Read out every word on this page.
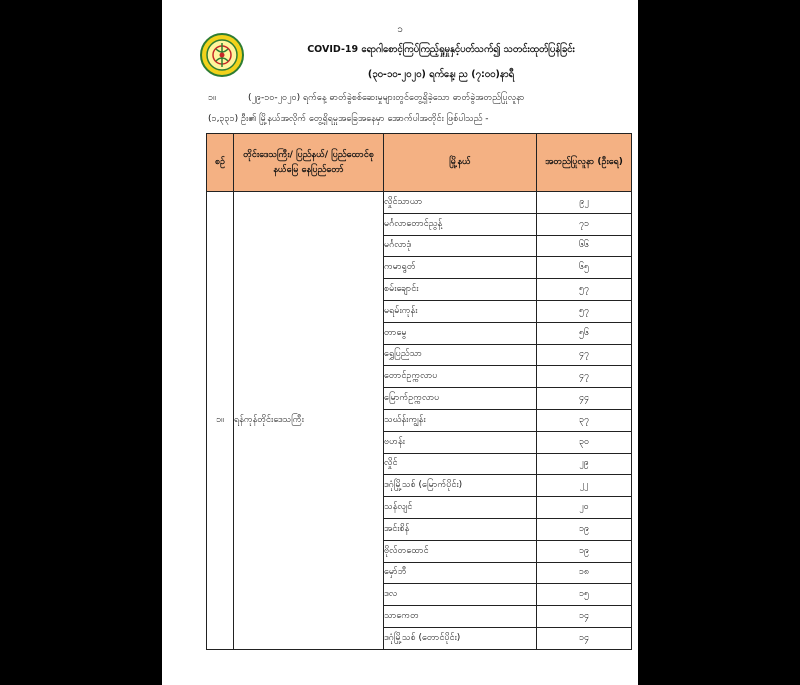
၁
COVID-19 ရောဂါစောင့်ကြပ်ကြည့်ရှုမှုနှင့်ပတ်သက်၍ သတင်းထုတ်ပြန်ခြင်း
(၃၀-၁၀-၂၀၂၀) ရက်နေ့၊ ည (၇:၀၀)နာရီ
၁။	(၂၉-၁၀-၂၀၂၀) ရက်နေ့ ဓာတ်ခွဲစစ်ဆေးမှုများတွင်တွေ့ရှိခဲ့သော ဓာတ်ခွဲအတည်ပြုလူနာ
(၁,၃၃၁) ဦး၏ မြို့နယ်အလိုက် တွေ့ရှိရမှုအခြေအနေမှာ အောက်ပါအတိုင်း ဖြစ်ပါသည် -
စဉ်	တိုင်းဒေသကြီး/ ပြည်နယ်/ ပြည်ထောင်စုနယ်မြေ နေပြည်တော်	မြို့နယ်	အတည်ပြုလူနာ (ဦးရေ)
၁။	ရန်ကုန်တိုင်းဒေသကြီး	လှိုင်သာယာ	၉၂
		မင်္ဂလာတောင်ညွန့်	၇၁
		မင်္ဂလာဒုံ	၆၆
		ကမာရွတ်	၆၅
		စမ်းချောင်း	၅၇
		မရမ်းကုန်း	၅၇
		တာမွေ	၅၆
		ရွှေပြည်သာ	၄၇
		တောင်ဥက္ကလာပ	၄၇
		မြောက်ဥက္ကလာပ	၄၄
		သဃ်န်းကျွန်း	၃၇
		ဗဟန်း	၃၀
		လှိုင်	၂၉
		ဒဂုံမြို့သစ် (မြောက်ပိုင်း)	၂၂
		သန်လျင်	၂၀
		အင်းစိန်	၁၉
		ဗိုလ်တထောင်	၁၉
		မှော်ဘီ	၁၈
		ဒလ	၁၅
		သာကေတ	၁၄
		ဒဂုံမြို့သစ် (တောင်ပိုင်း)	၁၄
